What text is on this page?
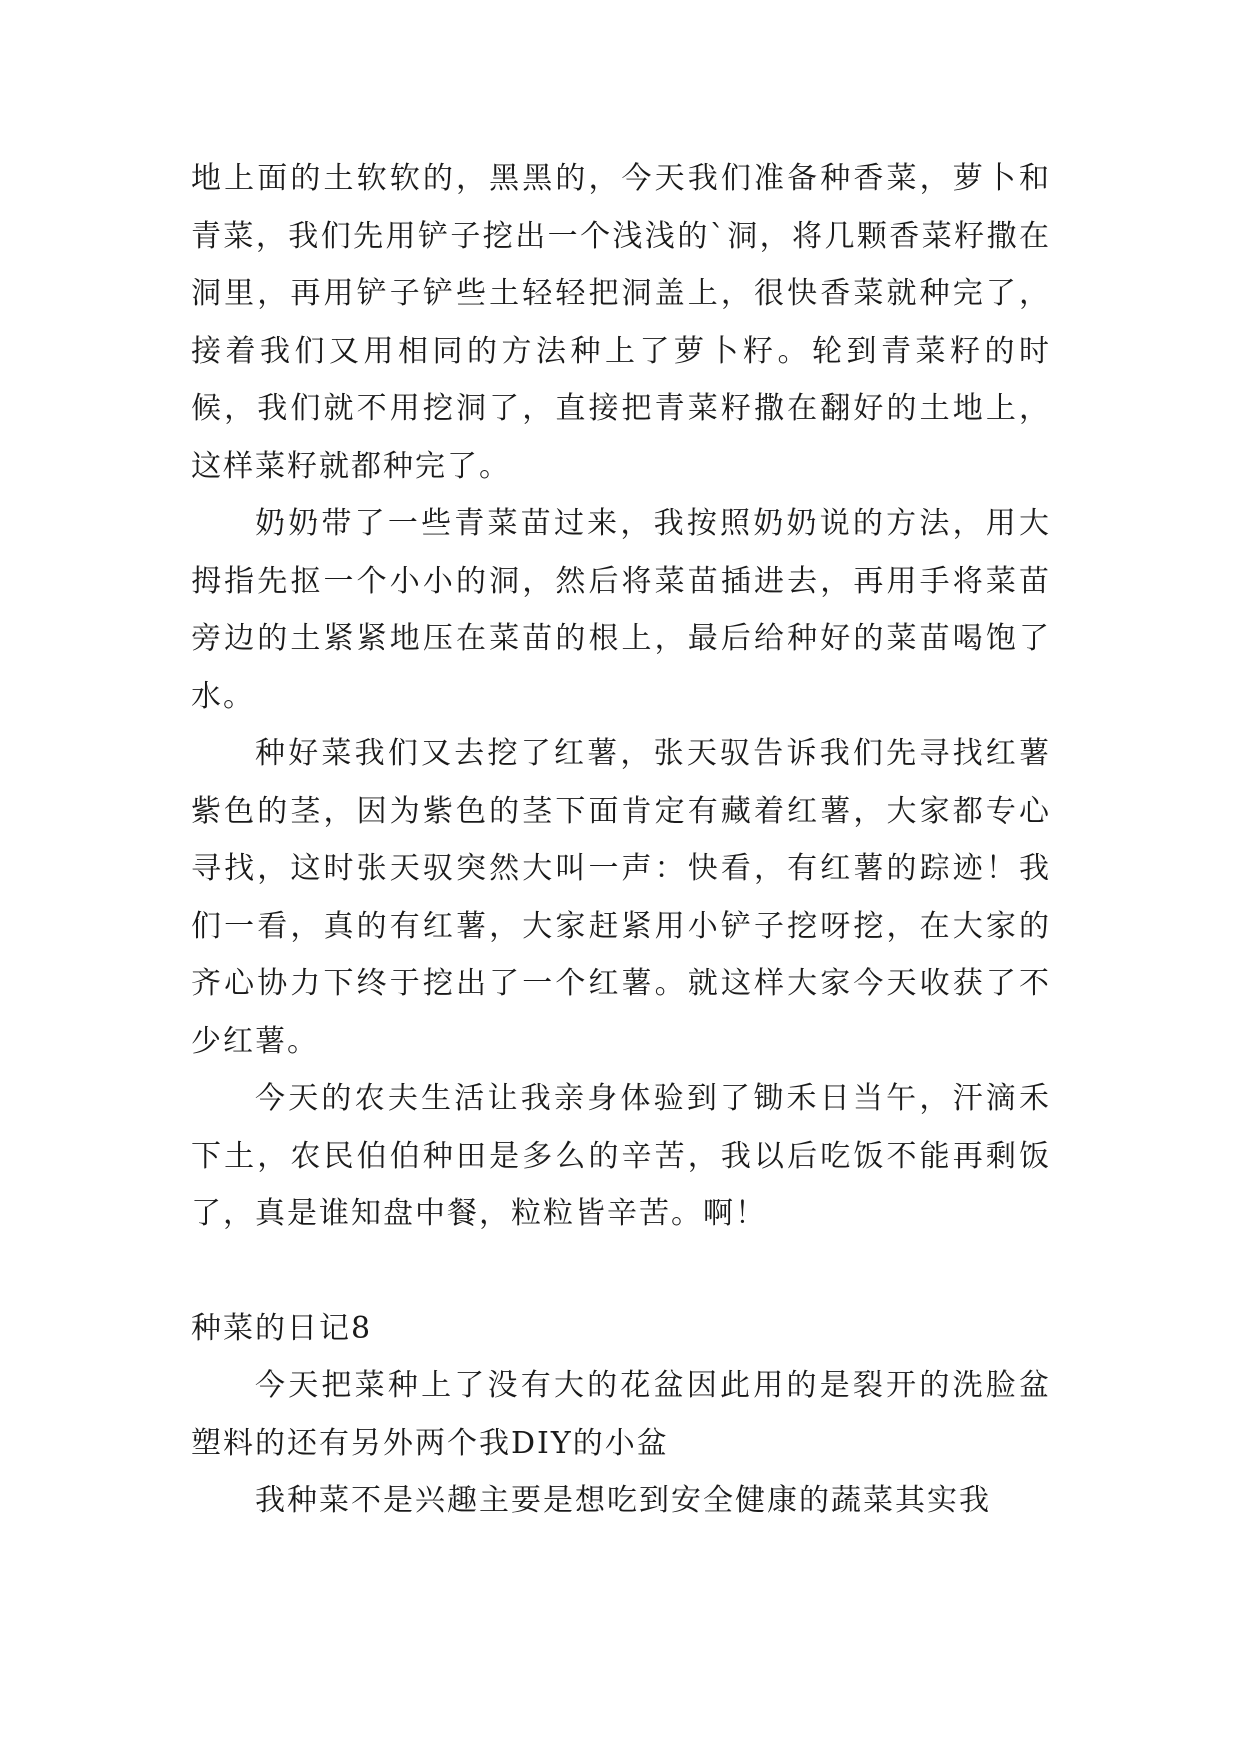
地上面的土软软的，黑黑的，今天我们准备种香菜，萝卜和青菜，我们先用铲子挖出一个浅浅的`洞，将几颗香菜籽撒在洞里，再用铲子铲些土轻轻把洞盖上，很快香菜就种完了，接着我们又用相同的方法种上了萝卜籽。轮到青菜籽的时候，我们就不用挖洞了，直接把青菜籽撒在翻好的土地上，这样菜籽就都种完了。

奶奶带了一些青菜苗过来，我按照奶奶说的方法，用大拇指先抠一个小小的洞，然后将菜苗插进去，再用手将菜苗旁边的土紧紧地压在菜苗的根上，最后给种好的菜苗喝饱了水。

种好菜我们又去挖了红薯，张天驭告诉我们先寻找红薯紫色的茎，因为紫色的茎下面肯定有藏着红薯，大家都专心寻找，这时张天驭突然大叫一声：快看，有红薯的踪迹！我们一看，真的有红薯，大家赶紧用小铲子挖呀挖，在大家的齐心协力下终于挖出了一个红薯。就这样大家今天收获了不少红薯。

今天的农夫生活让我亲身体验到了锄禾日当午，汗滴禾下土，农民伯伯种田是多么的辛苦，我以后吃饭不能再剩饭了，真是谁知盘中餐，粒粒皆辛苦。啊！

种菜的日记8

今天把菜种上了没有大的花盆因此用的是裂开的洗脸盆塑料的还有另外两个我DIY的小盆

我种菜不是兴趣主要是想吃到安全健康的蔬菜其实我
